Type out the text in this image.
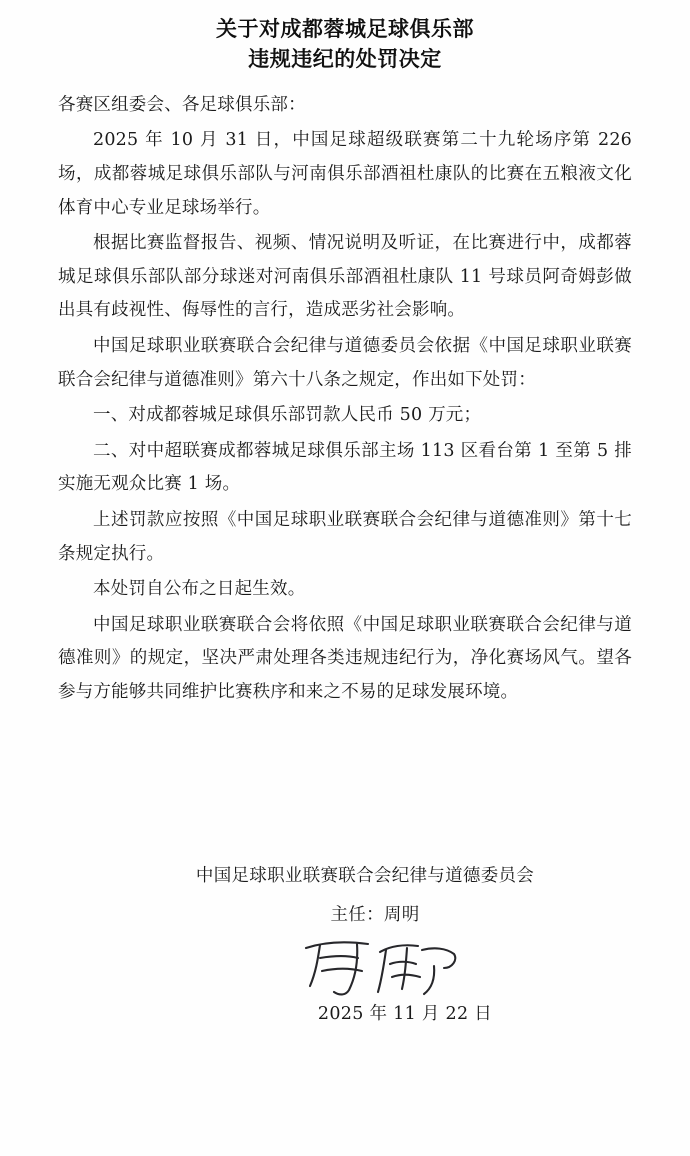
关于对成都蓉城足球俱乐部
违规违纪的处罚决定

各赛区组委会、各足球俱乐部：

2025 年 10 月 31 日，中国足球超级联赛第二十九轮场序第 226 场，成都蓉城足球俱乐部队与河南俱乐部酒祖杜康队的比赛在五粮液文化体育中心专业足球场举行。

根据比赛监督报告、视频、情况说明及听证，在比赛进行中，成都蓉城足球俱乐部队部分球迷对河南俱乐部酒祖杜康队 11 号球员阿奇姆彭做出具有歧视性、侮辱性的言行，造成恶劣社会影响。

中国足球职业联赛联合会纪律与道德委员会依据《中国足球职业联赛联合会纪律与道德准则》第六十八条之规定，作出如下处罚：

一、对成都蓉城足球俱乐部罚款人民币 50 万元；

二、对中超联赛成都蓉城足球俱乐部主场 113 区看台第 1 至第 5 排实施无观众比赛 1 场。

上述罚款应按照《中国足球职业联赛联合会纪律与道德准则》第十七条规定执行。

本处罚自公布之日起生效。

中国足球职业联赛联合会将依照《中国足球职业联赛联合会纪律与道德准则》的规定，坚决严肃处理各类违规违纪行为，净化赛场风气。望各参与方能够共同维护比赛秩序和来之不易的足球发展环境。

中国足球职业联赛联合会纪律与道德委员会
主任：周明
2025 年 11 月 22 日
